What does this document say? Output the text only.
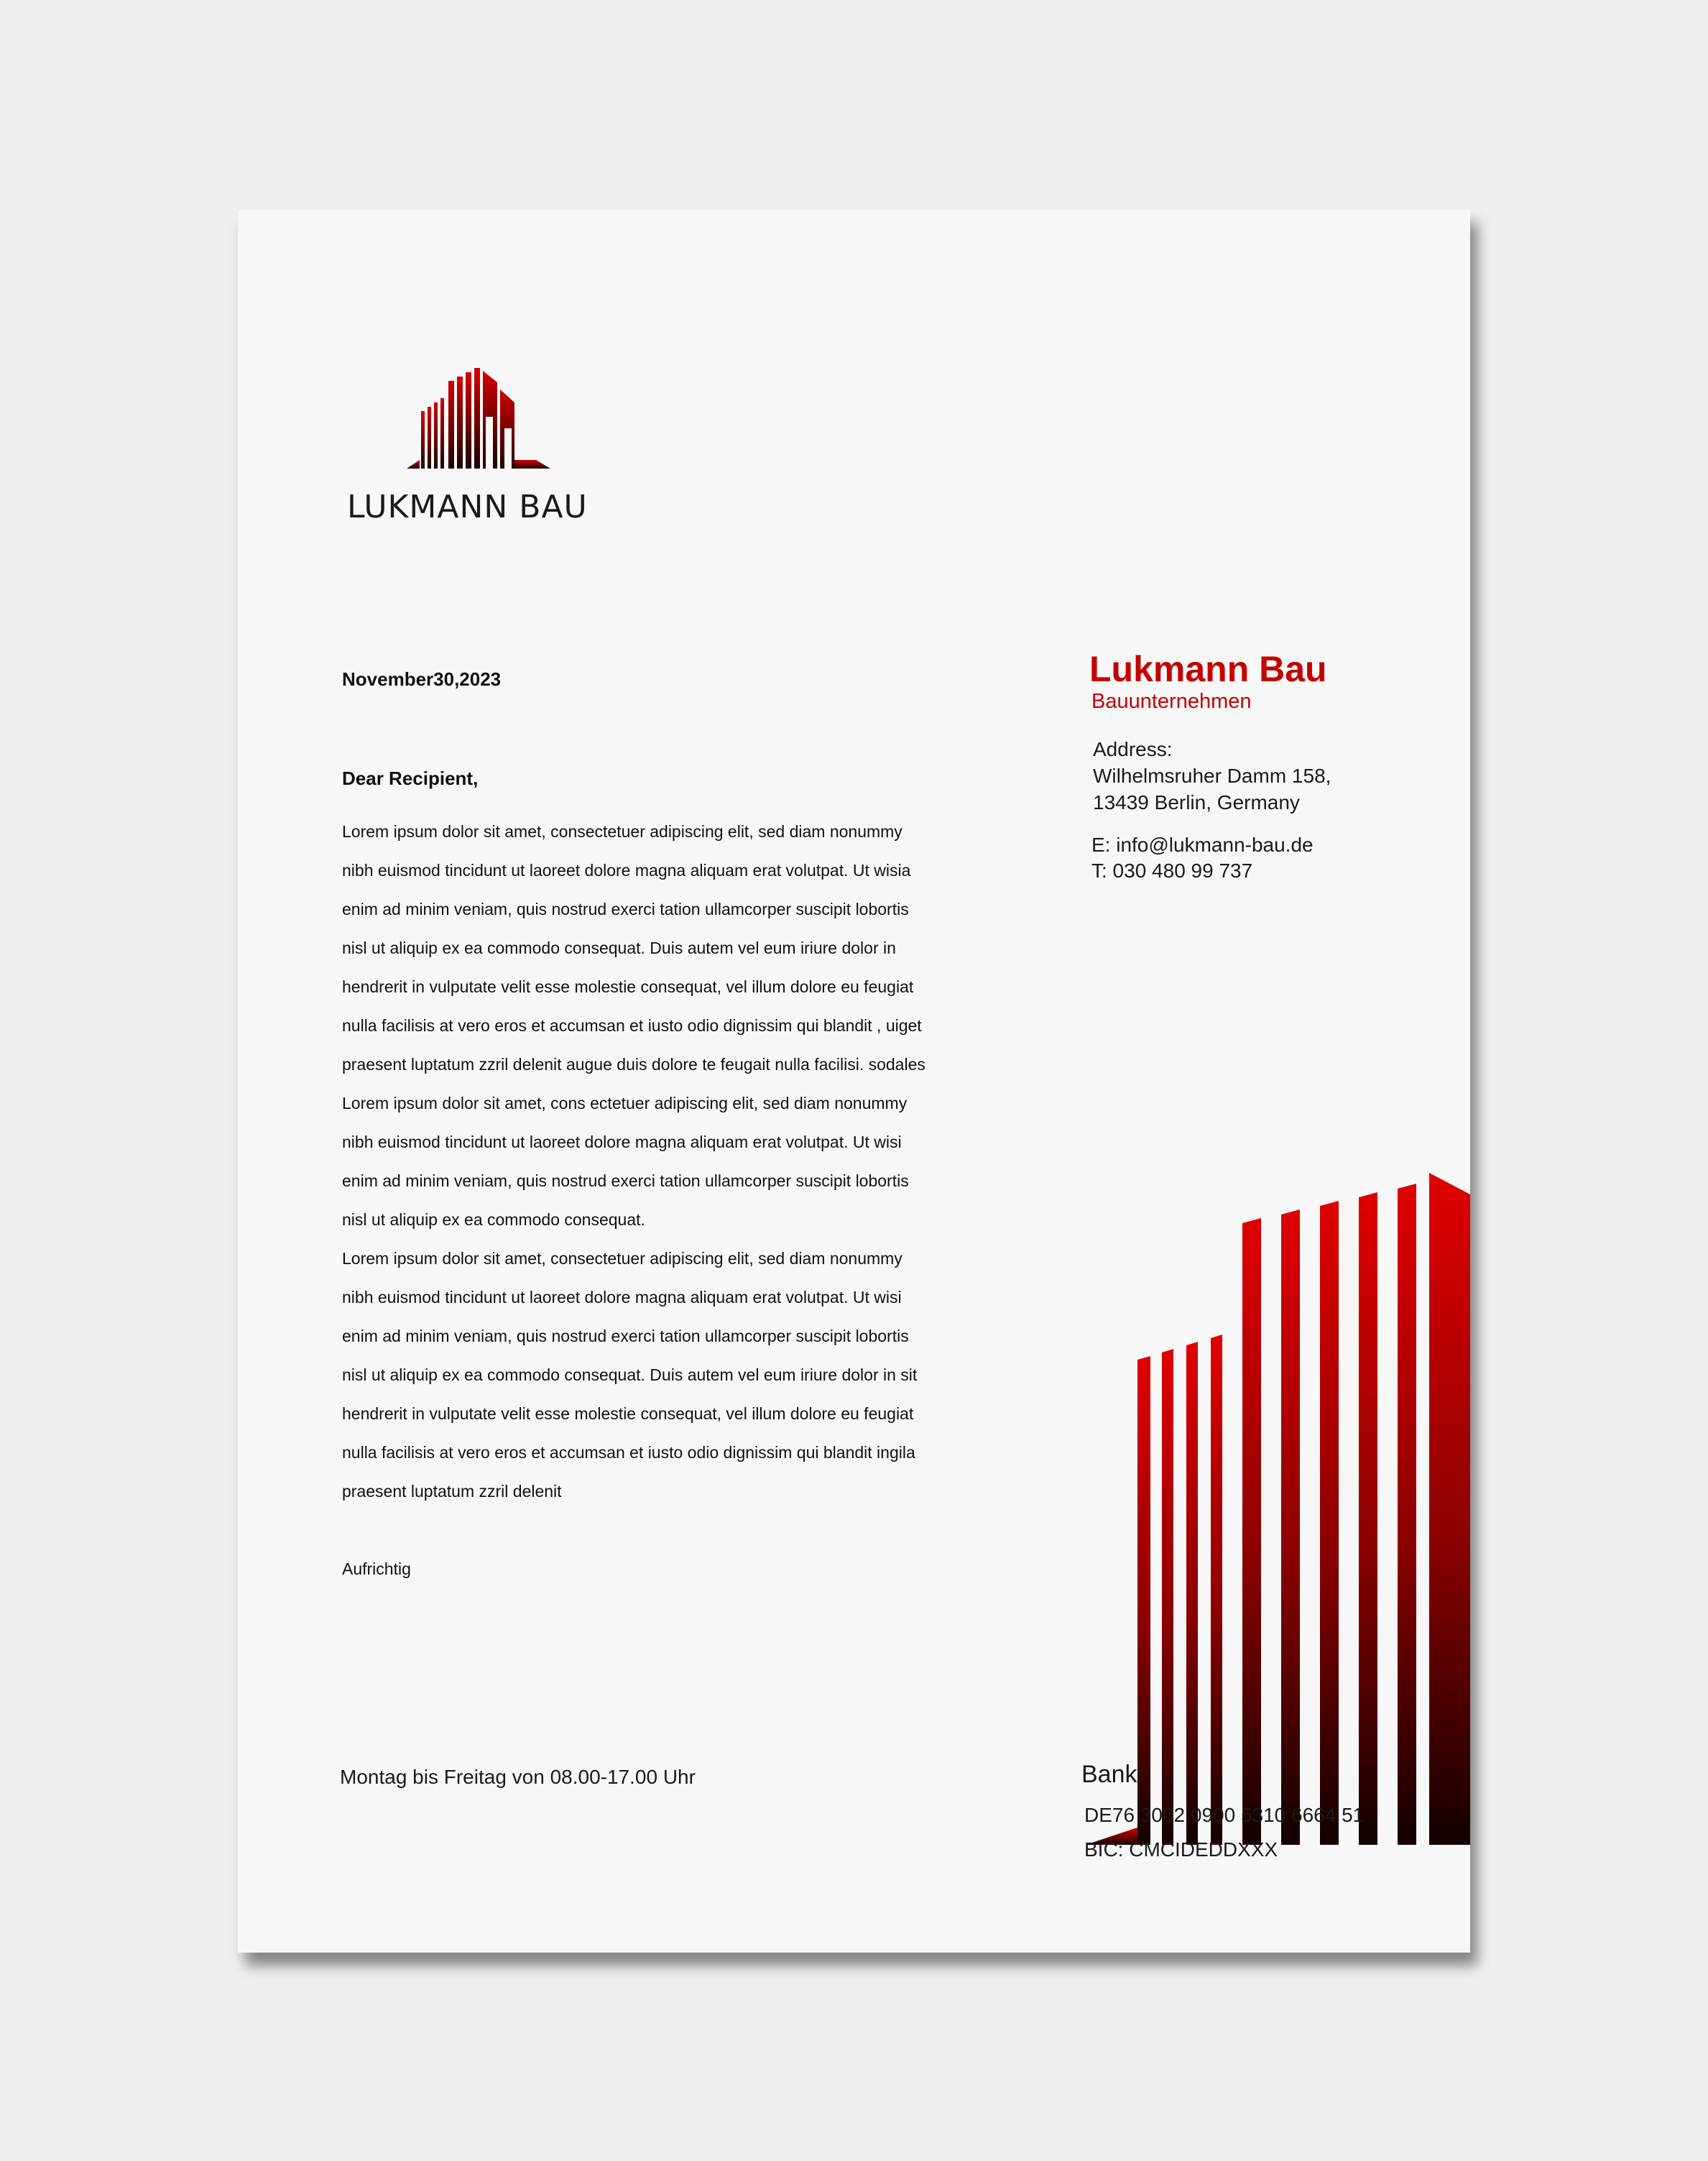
LUKMANN BAU
November30,2023
Dear Recipient,

Lorem ipsum dolor sit amet, consectetuer adipiscing elit, sed diam nonummy

nibh euismod tincidunt ut laoreet dolore magna aliquam erat volutpat. Ut wisia

enim ad minim veniam, quis nostrud exerci tation ullamcorper suscipit lobortis

nisl ut aliquip ex ea commodo consequat. Duis autem vel eum iriure dolor in

hendrerit in vulputate velit esse molestie consequat, vel illum dolore eu feugiat

nulla facilisis at vero eros et accumsan et iusto odio dignissim qui blandit , uiget

praesent luptatum zzril delenit augue duis dolore te feugait nulla facilisi. sodales

Lorem ipsum dolor sit amet, cons ectetuer adipiscing elit, sed diam nonummy

nibh euismod tincidunt ut laoreet dolore magna aliquam erat volutpat. Ut wisi

enim ad minim veniam, quis nostrud exerci tation ullamcorper suscipit lobortis

nisl ut aliquip ex ea commodo consequat.

Lorem ipsum dolor sit amet, consectetuer adipiscing elit, sed diam nonummy

nibh euismod tincidunt ut laoreet dolore magna aliquam erat volutpat. Ut wisi

enim ad minim veniam, quis nostrud exerci tation ullamcorper suscipit lobortis

nisl ut aliquip ex ea commodo consequat. Duis autem vel eum iriure dolor in sit

hendrerit in vulputate velit esse molestie consequat, vel illum dolore eu feugiat

nulla facilisis at vero eros et accumsan et iusto odio dignissim qui blandit ingila

praesent luptatum zzril delenit

Aufrichtig
Lukmann Bau
Bauunternehmen
Address:
Wilhelmsruher Damm 158,
13439 Berlin, Germany
E: info@lukmann-bau.de
T: 030 480 99 737
Montag bis Freitag von 08.00-17.00 Uhr	Bank:
DE76 3002 0900 5310 6664 51
BIC: CMCIDEDDXXX
